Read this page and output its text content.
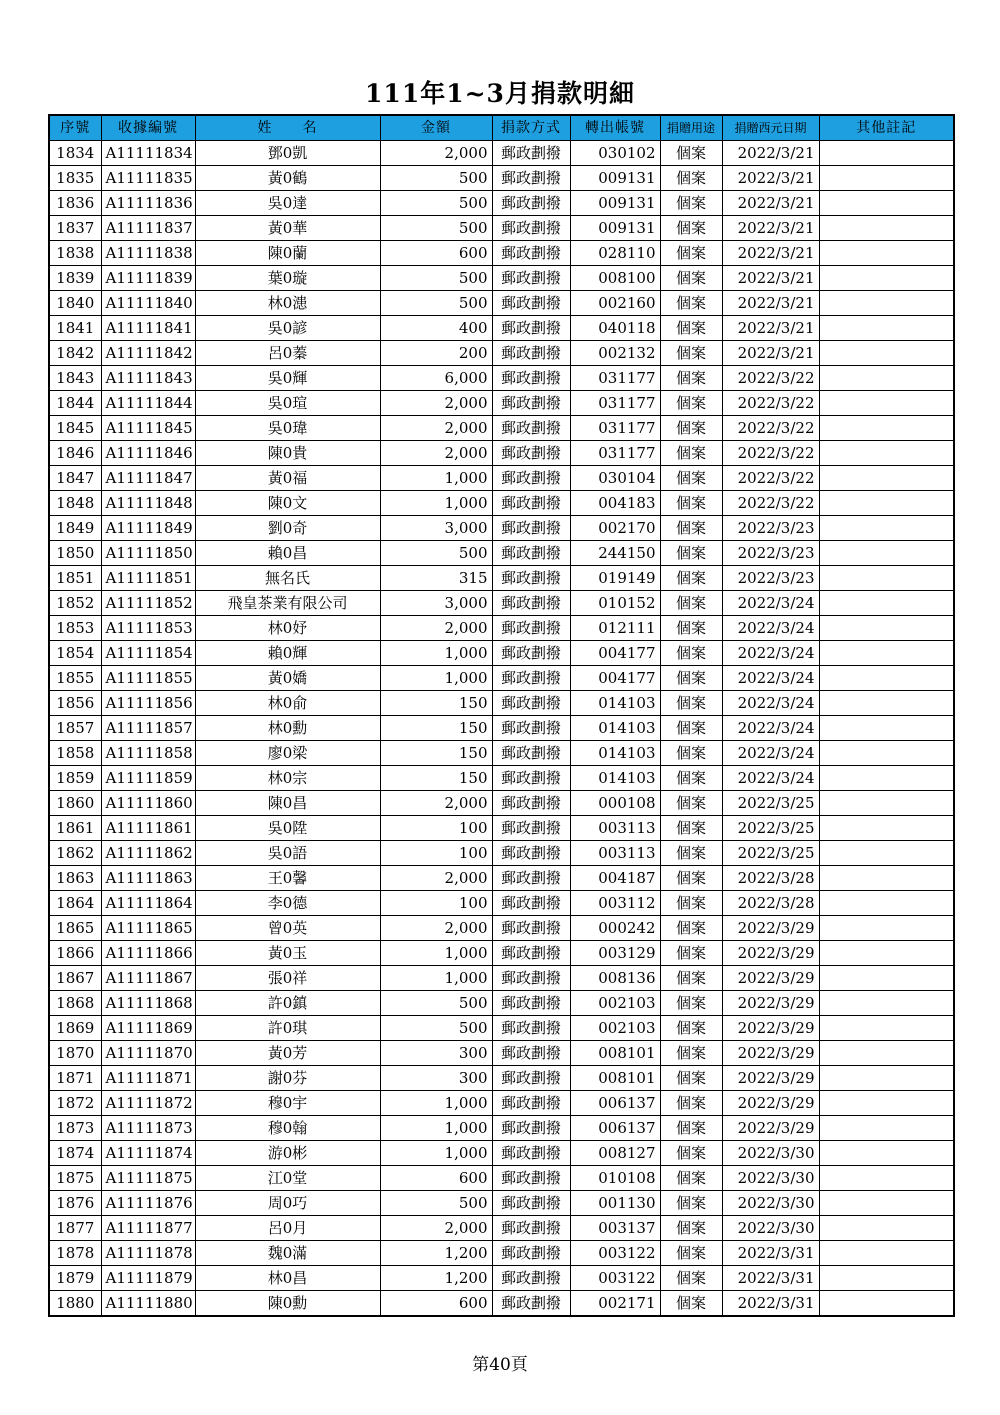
111年1~3月捐款明細
序號	收據編號	姓　　名	金額	捐款方式	轉出帳號	捐贈用途	捐贈西元日期	其他註記
1834	A11111834	鄧0凱	2,000	郵政劃撥	030102	個案	2022/3/21	
1835	A11111835	黃0鶴	500	郵政劃撥	009131	個案	2022/3/21	
1836	A11111836	吳0達	500	郵政劃撥	009131	個案	2022/3/21	
1837	A11111837	黃0華	500	郵政劃撥	009131	個案	2022/3/21	
1838	A11111838	陳0蘭	600	郵政劃撥	028110	個案	2022/3/21	
1839	A11111839	葉0璇	500	郵政劃撥	008100	個案	2022/3/21	
1840	A11111840	林0漶	500	郵政劃撥	002160	個案	2022/3/21	
1841	A11111841	吳0諺	400	郵政劃撥	040118	個案	2022/3/21	
1842	A11111842	呂0蓁	200	郵政劃撥	002132	個案	2022/3/21	
1843	A11111843	吳0輝	6,000	郵政劃撥	031177	個案	2022/3/22	
1844	A11111844	吳0瑄	2,000	郵政劃撥	031177	個案	2022/3/22	
1845	A11111845	吳0瑋	2,000	郵政劃撥	031177	個案	2022/3/22	
1846	A11111846	陳0貴	2,000	郵政劃撥	031177	個案	2022/3/22	
1847	A11111847	黃0福	1,000	郵政劃撥	030104	個案	2022/3/22	
1848	A11111848	陳0文	1,000	郵政劃撥	004183	個案	2022/3/22	
1849	A11111849	劉0奇	3,000	郵政劃撥	002170	個案	2022/3/23	
1850	A11111850	賴0昌	500	郵政劃撥	244150	個案	2022/3/23	
1851	A11111851	無名氏	315	郵政劃撥	019149	個案	2022/3/23	
1852	A11111852	飛皇茶業有限公司	3,000	郵政劃撥	010152	個案	2022/3/24	
1853	A11111853	林0妤	2,000	郵政劃撥	012111	個案	2022/3/24	
1854	A11111854	賴0輝	1,000	郵政劃撥	004177	個案	2022/3/24	
1855	A11111855	黃0嬌	1,000	郵政劃撥	004177	個案	2022/3/24	
1856	A11111856	林0俞	150	郵政劃撥	014103	個案	2022/3/24	
1857	A11111857	林0勳	150	郵政劃撥	014103	個案	2022/3/24	
1858	A11111858	廖0梁	150	郵政劃撥	014103	個案	2022/3/24	
1859	A11111859	林0宗	150	郵政劃撥	014103	個案	2022/3/24	
1860	A11111860	陳0昌	2,000	郵政劃撥	000108	個案	2022/3/25	
1861	A11111861	吳0陞	100	郵政劃撥	003113	個案	2022/3/25	
1862	A11111862	吳0語	100	郵政劃撥	003113	個案	2022/3/25	
1863	A11111863	王0馨	2,000	郵政劃撥	004187	個案	2022/3/28	
1864	A11111864	李0德	100	郵政劃撥	003112	個案	2022/3/28	
1865	A11111865	曾0英	2,000	郵政劃撥	000242	個案	2022/3/29	
1866	A11111866	黃0玉	1,000	郵政劃撥	003129	個案	2022/3/29	
1867	A11111867	張0祥	1,000	郵政劃撥	008136	個案	2022/3/29	
1868	A11111868	許0鎮	500	郵政劃撥	002103	個案	2022/3/29	
1869	A11111869	許0琪	500	郵政劃撥	002103	個案	2022/3/29	
1870	A11111870	黃0芳	300	郵政劃撥	008101	個案	2022/3/29	
1871	A11111871	謝0芬	300	郵政劃撥	008101	個案	2022/3/29	
1872	A11111872	穆0宇	1,000	郵政劃撥	006137	個案	2022/3/29	
1873	A11111873	穆0翰	1,000	郵政劃撥	006137	個案	2022/3/29	
1874	A11111874	游0彬	1,000	郵政劃撥	008127	個案	2022/3/30	
1875	A11111875	江0堂	600	郵政劃撥	010108	個案	2022/3/30	
1876	A11111876	周0巧	500	郵政劃撥	001130	個案	2022/3/30	
1877	A11111877	呂0月	2,000	郵政劃撥	003137	個案	2022/3/30	
1878	A11111878	魏0滿	1,200	郵政劃撥	003122	個案	2022/3/31	
1879	A11111879	林0昌	1,200	郵政劃撥	003122	個案	2022/3/31	
1880	A11111880	陳0勳	600	郵政劃撥	002171	個案	2022/3/31	
第40頁
